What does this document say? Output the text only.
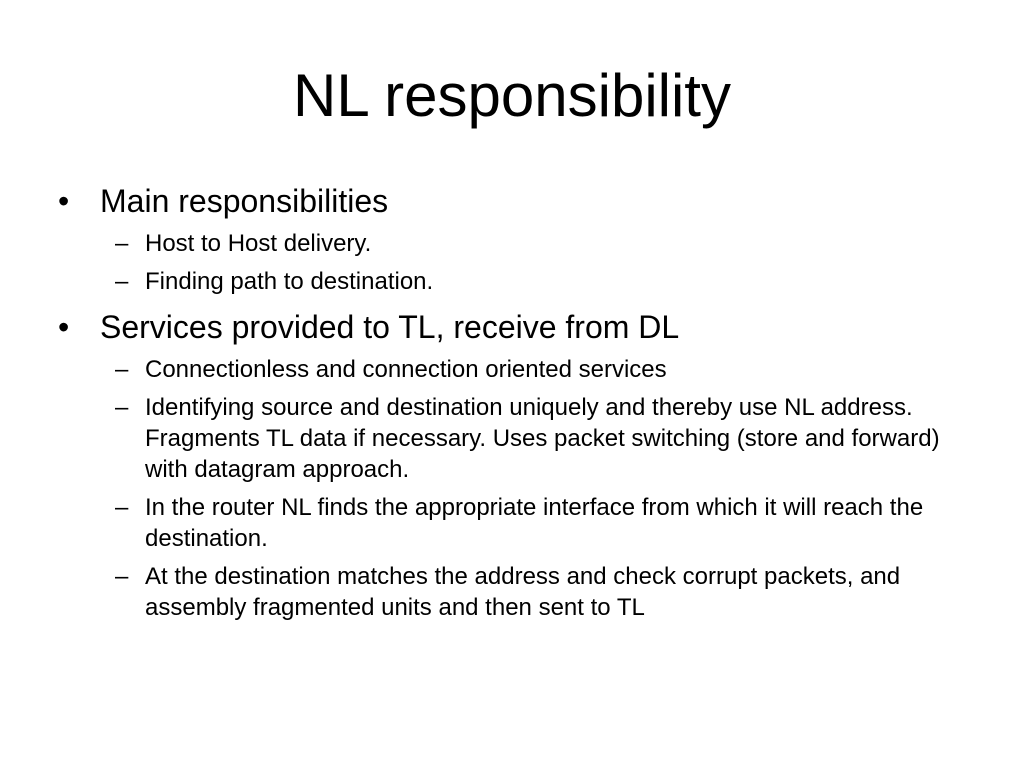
NL responsibility
• Main responsibilities
– Host to Host delivery.
– Finding path to destination.
• Services provided to TL, receive from DL
– Connectionless and connection oriented services
– Identifying source and destination uniquely and thereby use NL address. Fragments TL data if necessary. Uses packet switching (store and forward) with datagram approach.
– In the router NL finds the appropriate interface from which it will reach the destination.
– At the destination matches the address and check corrupt packets, and assembly fragmented units and then sent to TL
